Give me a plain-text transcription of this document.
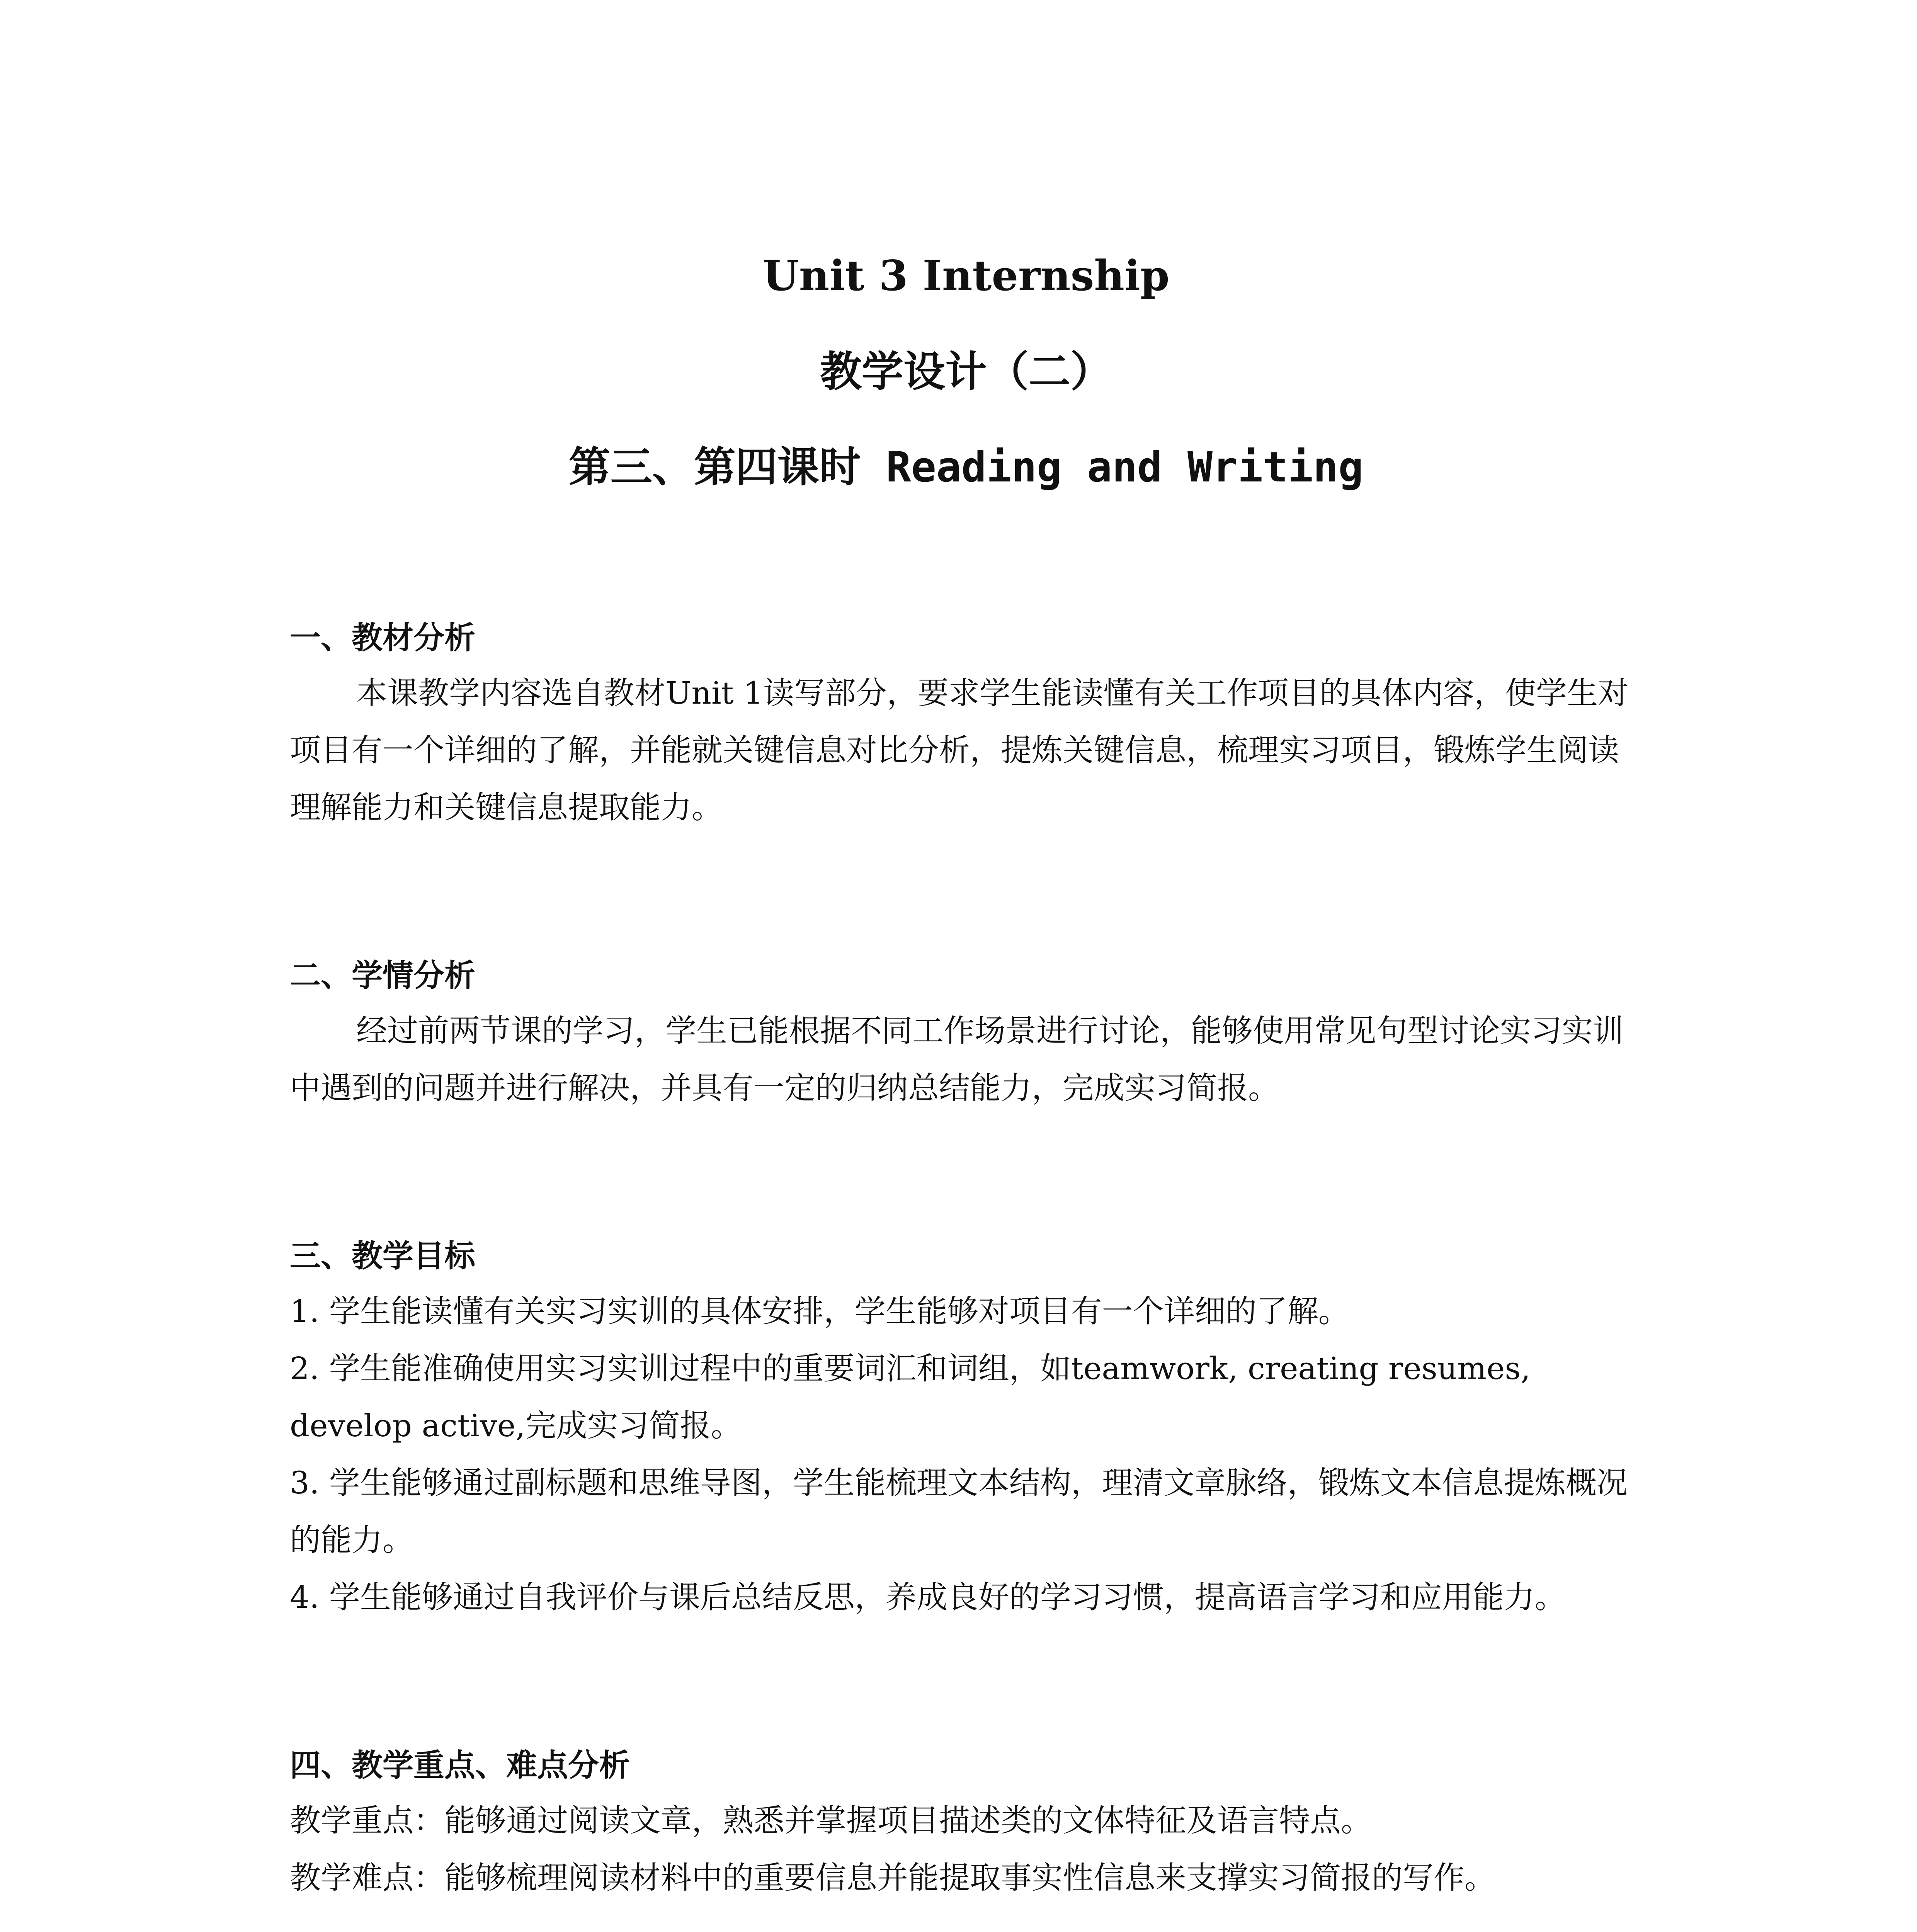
Unit 3 Internship
教学设计（二）
第三、第四课时 Reading and Writing
一、教材分析

本课教学内容选自教材Unit 1读写部分，要求学生能读懂有关工作项目的具体内容，使学生对项目有一个详细的了解，并能就关键信息对比分析，提炼关键信息，梳理实习项目，锻炼学生阅读理解能力和关键信息提取能力。

二、学情分析

经过前两节课的学习，学生已能根据不同工作场景进行讨论，能够使用常见句型讨论实习实训中遇到的问题并进行解决，并具有一定的归纳总结能力，完成实习简报。

三、教学目标

1. 学生能读懂有关实习实训的具体安排，学生能够对项目有一个详细的了解。

2. 学生能准确使用实习实训过程中的重要词汇和词组，如teamwork, creating resumes, develop active,完成实习简报。

3. 学生能够通过副标题和思维导图，学生能梳理文本结构，理清文章脉络，锻炼文本信息提炼概况的能力。

4. 学生能够通过自我评价与课后总结反思，养成良好的学习习惯，提高语言学习和应用能力。

四、教学重点、难点分析

教学重点：能够通过阅读文章，熟悉并掌握项目描述类的文体特征及语言特点。

教学难点：能够梳理阅读材料中的重要信息并能提取事实性信息来支撑实习简报的写作。
